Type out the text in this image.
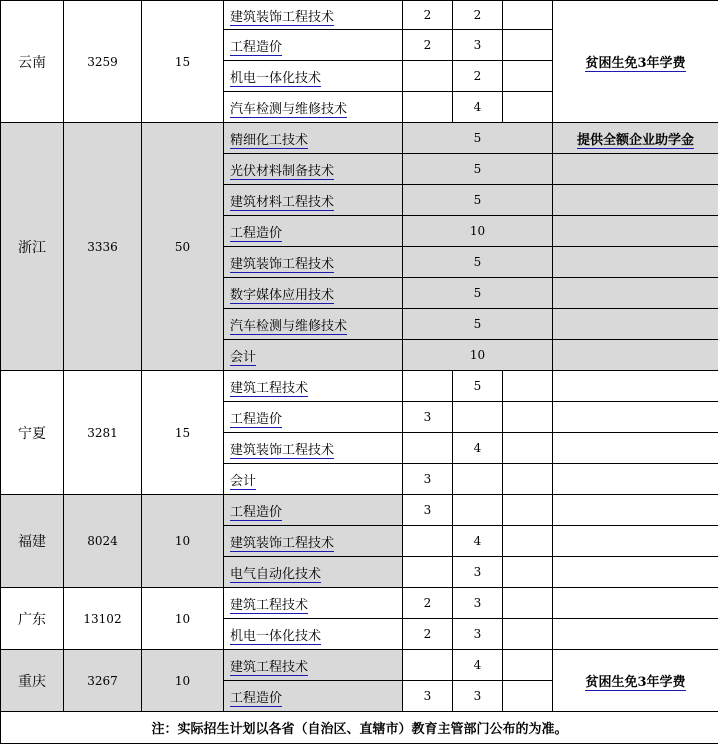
云南	3259	15	建筑装饰工程技术	2	2		贫困生免3年学费
			工程造价	2	3		
			机电一体化技术		2		
			汽车检测与维修技术		4		
浙江	3336	50	精细化工技术	5			提供全额企业助学金
			光伏材料制备技术	5			
			建筑材料工程技术	5			
			工程造价	10			
			建筑装饰工程技术	5			
			数字媒体应用技术	5			
			汽车检测与维修技术	5			
			会计	10			
宁夏	3281	15	建筑工程技术		5		
			工程造价	3			
			建筑装饰工程技术		4		
			会计	3			
福建	8024	10	工程造价	3			
			建筑装饰工程技术		4		
			电气自动化技术		3		
广东	13102	10	建筑工程技术	2	3		
			机电一体化技术	2	3		
重庆	3267	10	建筑工程技术		4		贫困生免3年学费
			工程造价	3	3		
注：实际招生计划以各省（自治区、直辖市）教育主管部门公布的为准。							
